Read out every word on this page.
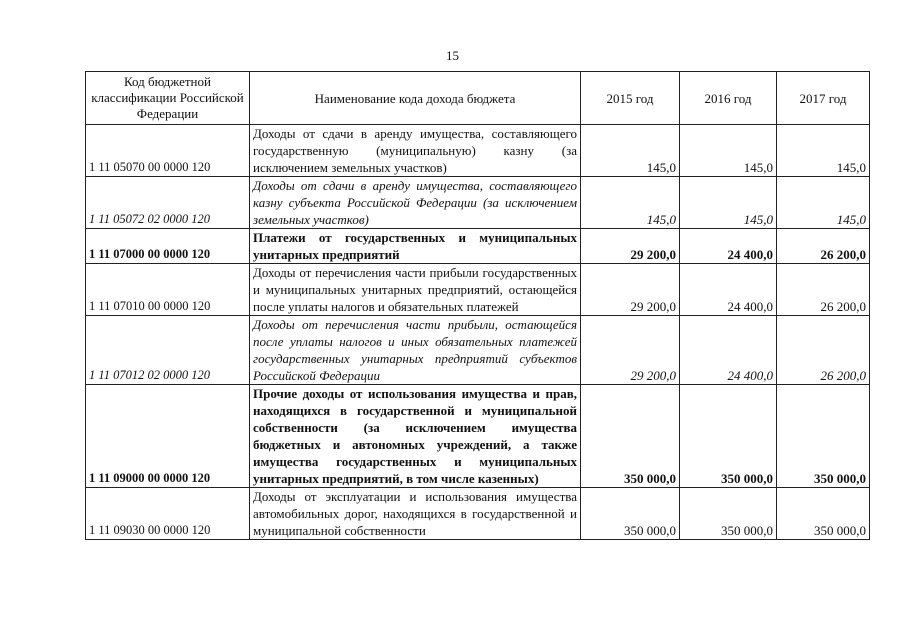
15
Код бюджетной классификации Российской Федерации	Наименование кода дохода бюджета	2015 год	2016 год	2017 год
1 11 05070 00 0000 120	Доходы от сдачи в аренду имущества, составляющего государственную (муниципальную) казну (за исключением земельных участков)	145,0	145,0	145,0
1 11 05072 02 0000 120	Доходы от сдачи в аренду имущества, составляющего казну субъекта Российской Федерации (за исключением земельных участков)	145,0	145,0	145,0
1 11 07000 00 0000 120	Платежи от государственных и муниципальных унитарных предприятий	29 200,0	24 400,0	26 200,0
1 11 07010 00 0000 120	Доходы от перечисления части прибыли государственных и муниципальных унитарных предприятий, остающейся после уплаты налогов и обязательных платежей	29 200,0	24 400,0	26 200,0
1 11 07012 02 0000 120	Доходы от перечисления части прибыли, остающейся после уплаты налогов и иных обязательных платежей государственных унитарных предприятий субъектов Российской Федерации	29 200,0	24 400,0	26 200,0
1 11 09000 00 0000 120	Прочие доходы от использования имущества и прав, находящихся в государственной и муниципальной собственности (за исключением имущества бюджетных и автономных учреждений, а также имущества государственных и муниципальных унитарных предприятий, в том числе казенных)	350 000,0	350 000,0	350 000,0
1 11 09030 00 0000 120	Доходы от эксплуатации и использования имущества автомобильных дорог, находящихся в государственной и муниципальной собственности	350 000,0	350 000,0	350 000,0
